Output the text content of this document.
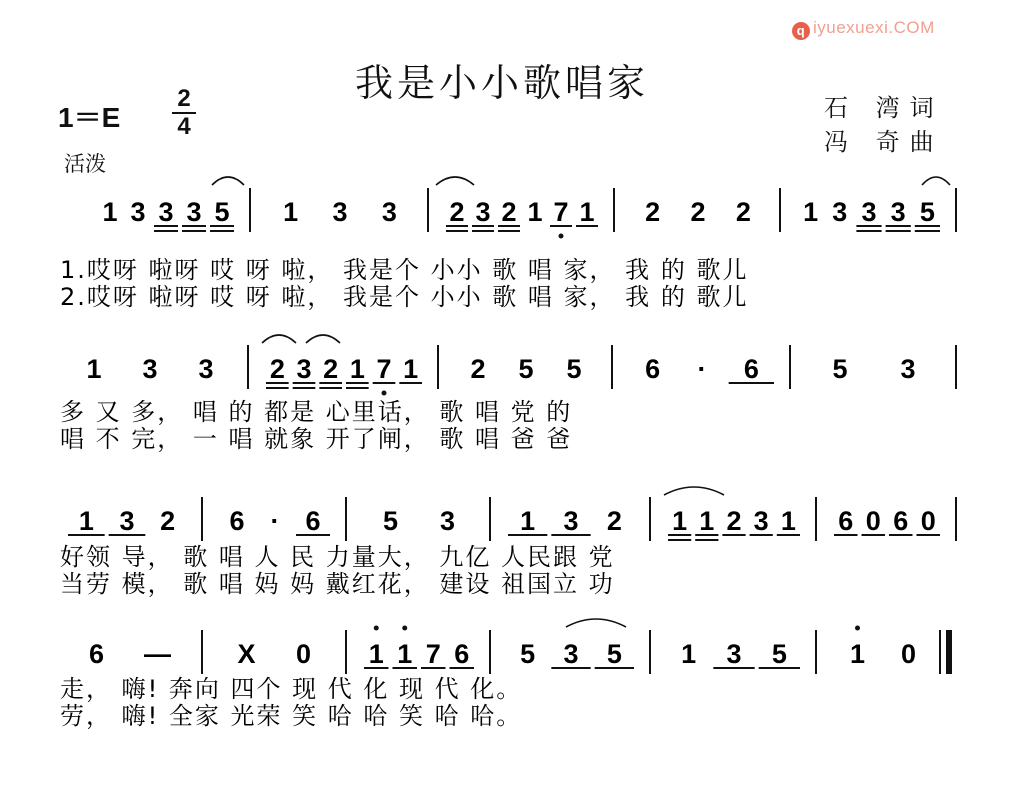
q iyuexuexi.COM
我是小小歌唱家
1＝E
2
4
活泼
石 湾词
冯 奇曲
1 3 3 3 5 1 3 3 2 3 2 1 7 1 2 2 2 1 3 3 3 5
1.哎呀 啦呀 哎 呀 啦， 我是个 小小 歌 唱 家， 我 的 歌儿
2.哎呀 啦呀 哎 呀 啦， 我是个 小小 歌 唱 家， 我 的 歌儿
1 3 3 2 3 2 1 7 1 2 5 5 6 · 6	5 3
多 又 多， 唱 的 都是 心里话， 歌 唱 党 的
唱 不 完， 一 唱 就象 开了闸， 歌 唱 爸 爸
1 3 2 6 · 6 5 3 1 3 2 1 1 2 3 1 6 0 6 0
好领 导， 歌 唱 人 民 力量大， 九亿 人民跟 党
当劳 模， 歌 唱 妈 妈 戴红花， 建设 祖国立 功
6 — X 0 1 1 7 6 5 3 5 1 3 5 1 0
走， 嗨! 奔向 四个 现 代 化 现 代 化。
劳， 嗨! 全家 光荣 笑 哈 哈 笑 哈 哈。
